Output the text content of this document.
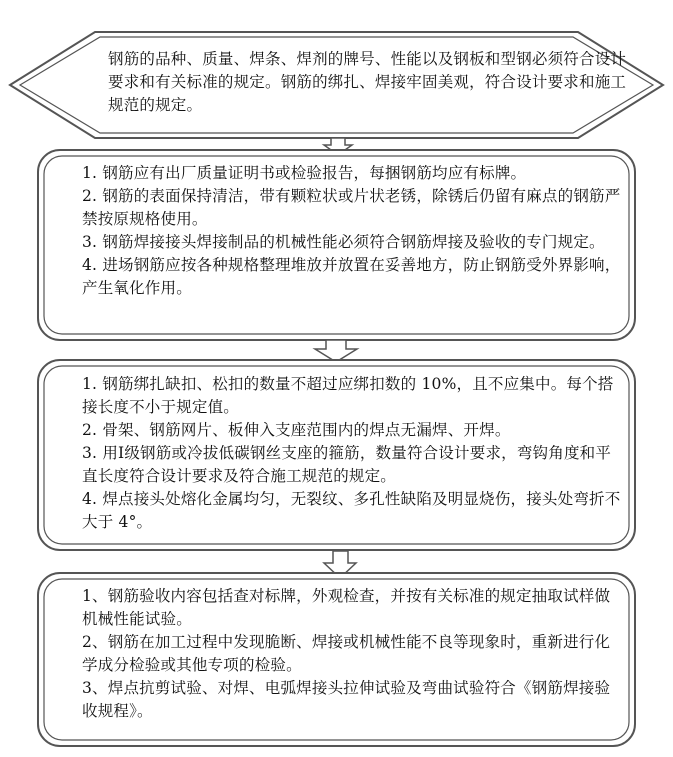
钢筋的品种、质量、焊条、焊剂的牌号、性能以及钢板和型钢必须符合设计要求和有关标准的规定。钢筋的绑扎、焊接牢固美观，符合设计要求和施工规范的规定。
1. 钢筋应有出厂质量证明书或检验报告，每捆钢筋均应有标牌。
2. 钢筋的表面保持清洁，带有颗粒状或片状老锈，除锈后仍留有麻点的钢筋严禁按原规格使用。
3. 钢筋焊接接头焊接制品的机械性能必须符合钢筋焊接及验收的专门规定。
4. 进场钢筋应按各种规格整理堆放并放置在妥善地方，防止钢筋受外界影响，产生氧化作用。
1. 钢筋绑扎缺扣、松扣的数量不超过应绑扣数的 10%，且不应集中。每个搭接长度不小于规定值。
2. 骨架、钢筋网片、板伸入支座范围内的焊点无漏焊、开焊。
3. 用Ⅰ级钢筋或冷拔低碳钢丝支座的箍筋，数量符合设计要求，弯钩角度和平直长度符合设计要求及符合施工规范的规定。
4. 焊点接头处熔化金属均匀，无裂纹、多孔性缺陷及明显烧伤，接头处弯折不大于 4°。
1、钢筋验收内容包括查对标牌，外观检查，并按有关标准的规定抽取试样做机械性能试验。
2、钢筋在加工过程中发现脆断、焊接或机械性能不良等现象时，重新进行化学成分检验或其他专项的检验。
3、焊点抗剪试验、对焊、电弧焊接头拉伸试验及弯曲试验符合《钢筋焊接验收规程》。
